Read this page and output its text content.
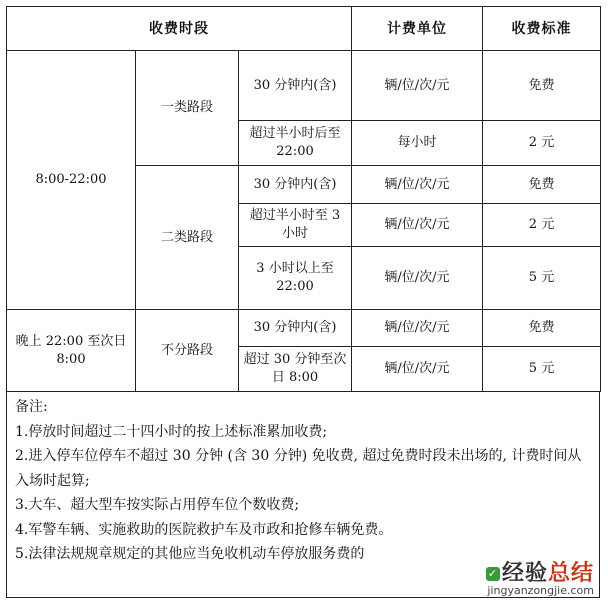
收费时段			计费单位	收费标准
8:00-22:00	一类路段	30 分钟内(含)	辆/位/次/元	免费
		超过半小时后至 22:00	每小时	2 元
	二类路段	30 分钟内(含)	辆/位/次/元	免费
		超过半小时至 3 小时	辆/位/次/元	2 元
		3 小时以上至 22:00	辆/位/次/元	5 元
晚上 22:00 至次日 8:00	不分路段	30 分钟内(含)	辆/位/次/元	免费
		超过 30 分钟至次日 8:00	辆/位/次/元	5 元

备注:

1.停放时间超过二十四小时的按上述标准累加收费;

2.进入停车位停车不超过 30 分钟 (含 30 分钟) 免收费, 超过免费时段未出场的, 计费时间从入场时起算;

3.大车、超大型车按实际占用停车位个数收费;

4.军警车辆、实施救助的医院救护车及市政和抢修车辆免费。

5.法律法规规章规定的其他应当免收机动车停放服务费的

✓ 经验总结
jingyanzongjie.com
